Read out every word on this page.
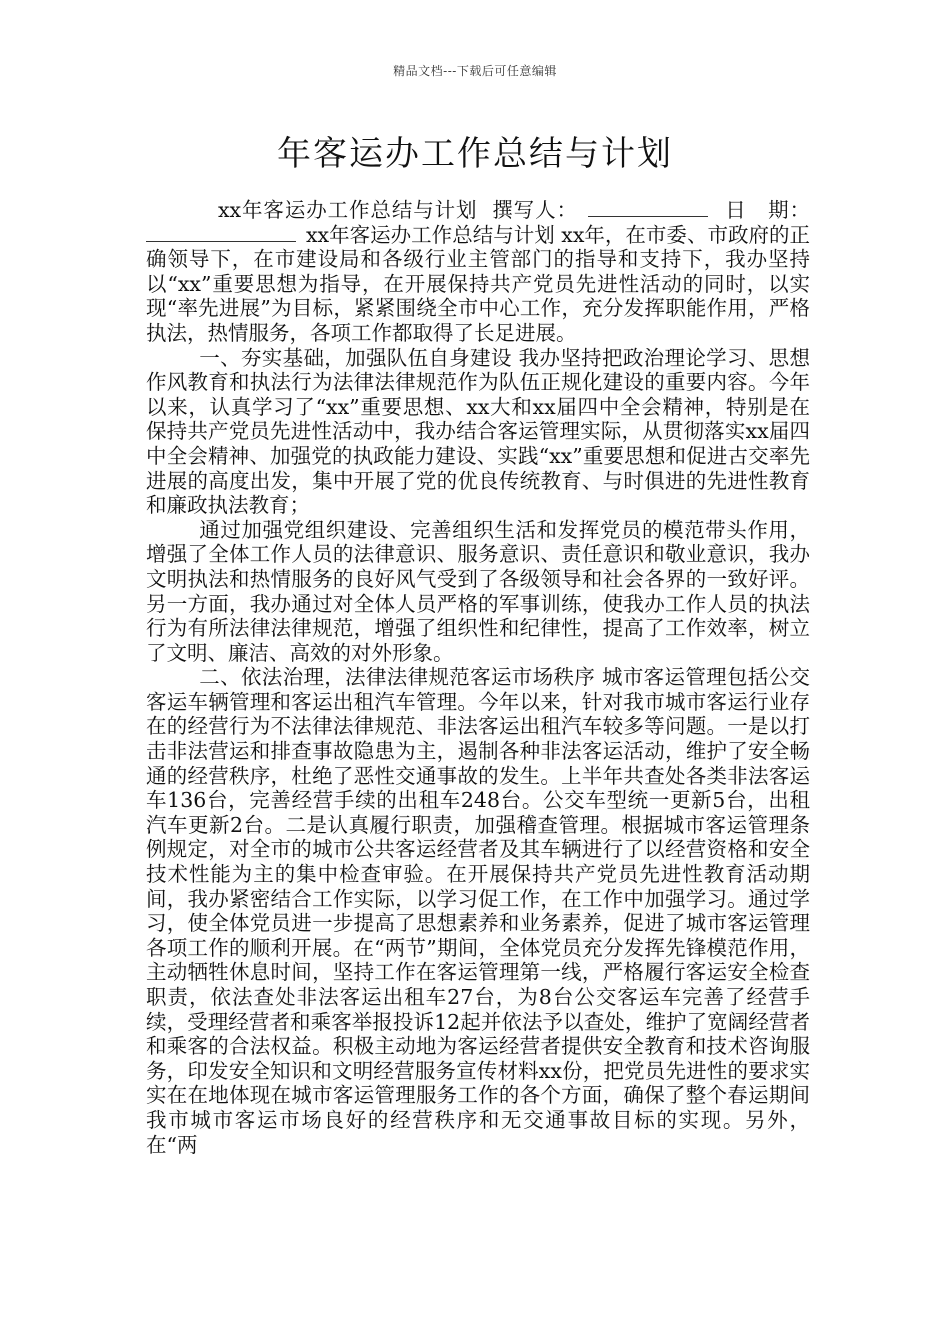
精品文档---下载后可任意编辑
年客运办工作总结与计划

xx年客运办工作总结与计划 撰写人：	日　期：xx年客运办工作总结与计划 xx年，在市委、市政府的正确领导下，在市建设局和各级行业主管部门的指导和支持下，我办坚持以“xx”重要思想为指导，在开展保持共产党员先进性活动的同时，以实现“率先进展”为目标，紧紧围绕全市中心工作，充分发挥职能作用，严格执法，热情服务，各项工作都取得了长足进展。

一、夯实基础，加强队伍自身建设 我办坚持把政治理论学习、思想作风教育和执法行为法律法律规范作为队伍正规化建设的重要内容。今年以来，认真学习了“xx”重要思想、xx大和xx届四中全会精神，特别是在保持共产党员先进性活动中，我办结合客运管理实际，从贯彻落实xx届四中全会精神、加强党的执政能力建设、实践“xx”重要思想和促进古交率先进展的高度出发，集中开展了党的优良传统教育、与时俱进的先进性教育和廉政执法教育；

通过加强党组织建设、完善组织生活和发挥党员的模范带头作用，增强了全体工作人员的法律意识、服务意识、责任意识和敬业意识，我办文明执法和热情服务的良好风气受到了各级领导和社会各界的一致好评。另一方面，我办通过对全体人员严格的军事训练，使我办工作人员的执法行为有所法律法律规范，增强了组织性和纪律性，提高了工作效率，树立了文明、廉洁、高效的对外形象。

二、依法治理，法律法律规范客运市场秩序 城市客运管理包括公交客运车辆管理和客运出租汽车管理。今年以来，针对我市城市客运行业存在的经营行为不法律法律规范、非法客运出租汽车较多等问题。一是以打击非法营运和排查事故隐患为主，遏制各种非法客运活动，维护了安全畅通的经营秩序，杜绝了恶性交通事故的发生。上半年共查处各类非法客运车136台，完善经营手续的出租车248台。公交车型统一更新5台，出租汽车更新2台。二是认真履行职责，加强稽查管理。根据城市客运管理条例规定，对全市的城市公共客运经营者及其车辆进行了以经营资格和安全技术性能为主的集中检查审验。在开展保持共产党员先进性教育活动期间，我办紧密结合工作实际，以学习促工作，在工作中加强学习。通过学习，使全体党员进一步提高了思想素养和业务素养，促进了城市客运管理各项工作的顺利开展。在“两节”期间，全体党员充分发挥先锋模范作用，主动牺牲休息时间，坚持工作在客运管理第一线，严格履行客运安全检查职责，依法查处非法客运出租车27台，为8台公交客运车完善了经营手续，受理经营者和乘客举报投诉12起并依法予以查处，维护了宽阔经营者和乘客的合法权益。积极主动地为客运经营者提供安全教育和技术咨询服务，印发安全知识和文明经营服务宣传材料xx份，把党员先进性的要求实实在在地体现在城市客运管理服务工作的各个方面，确保了整个春运期间我市城市客运市场良好的经营秩序和无交通事故目标的实现。另外，在“两
